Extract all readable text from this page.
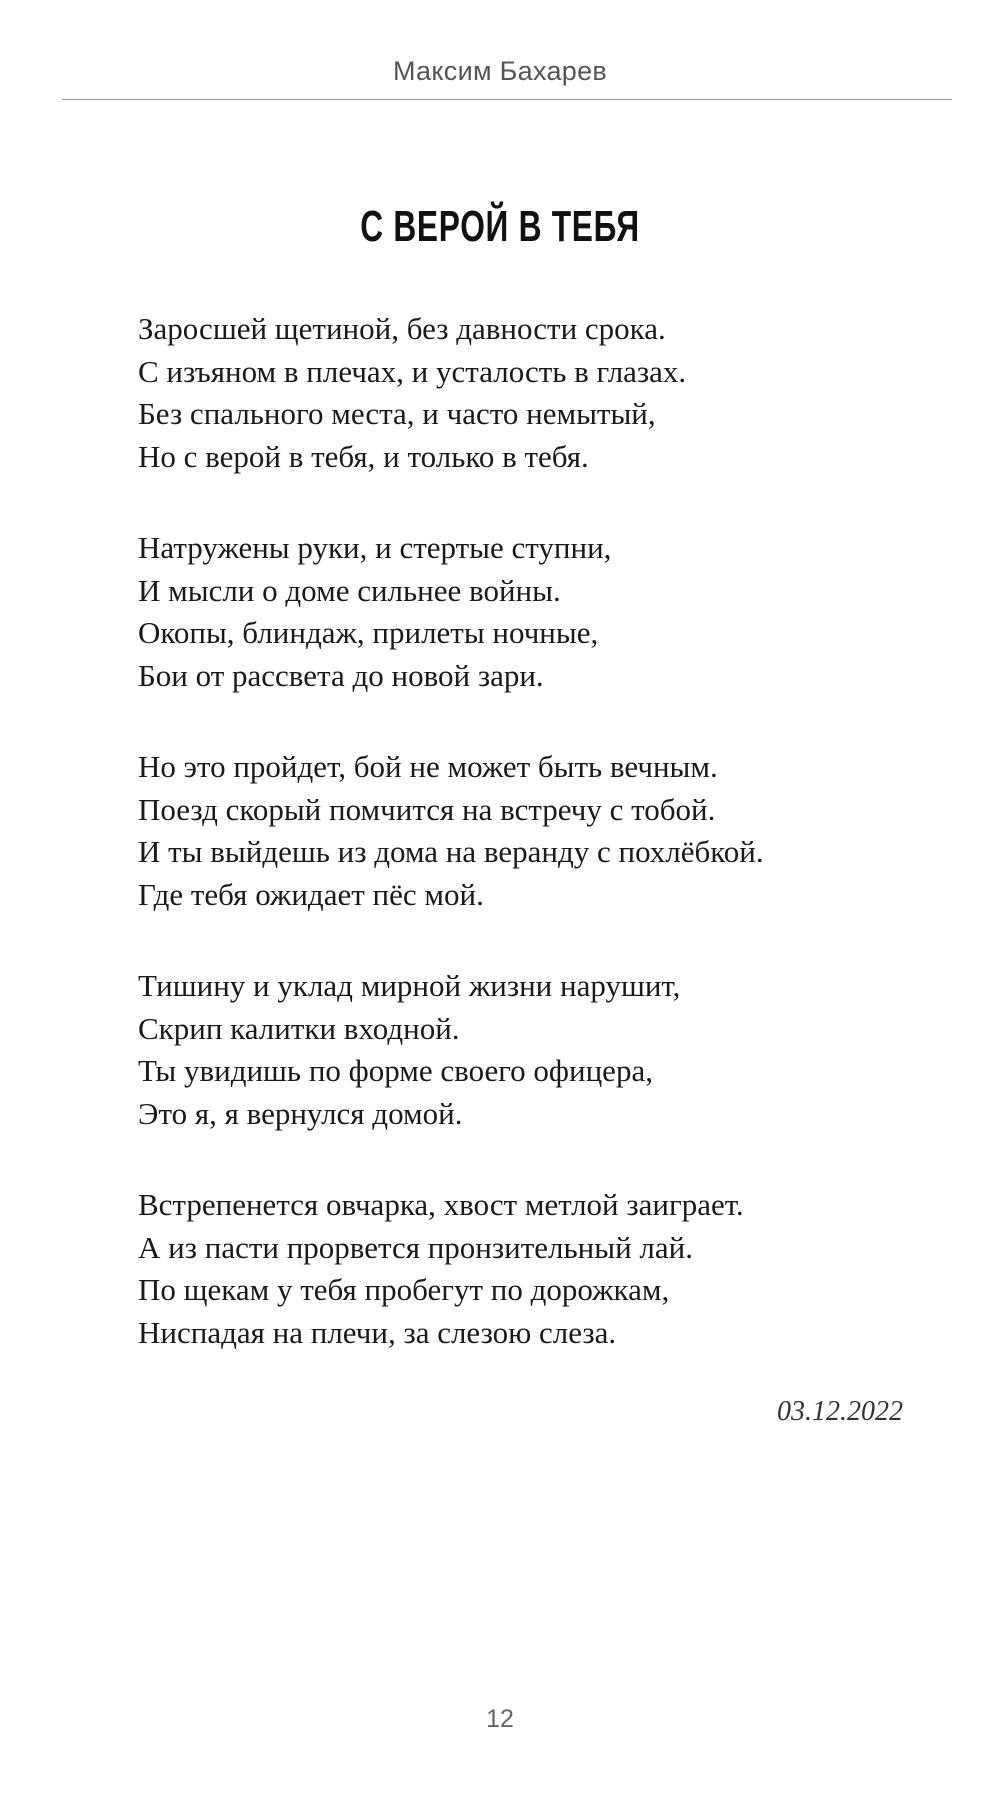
Максим Бахарев
С ВЕРОЙ В ТЕБЯ
Заросшей щетиной, без давности срока.
С изъяном в плечах, и усталость в глазах.
Без спального места, и часто немытый,
Но с верой в тебя, и только в тебя.
Натружены руки, и стертые ступни,
И мысли о доме сильнее войны.
Окопы, блиндаж, прилеты ночные,
Бои от рассвета до новой зари.
Но это пройдет, бой не может быть вечным.
Поезд скорый помчится на встречу с тобой.
И ты выйдешь из дома на веранду с похлёбкой.
Где тебя ожидает пёс мой.
Тишину и уклад мирной жизни нарушит,
Скрип калитки входной.
Ты увидишь по форме своего офицера,
Это я, я вернулся домой.
Встрепенется овчарка, хвост метлой заиграет.
А из пасти прорвется пронзительный лай.
По щекам у тебя пробегут по дорожкам,
Ниспадая на плечи, за слезою слеза.
03.12.2022
12
